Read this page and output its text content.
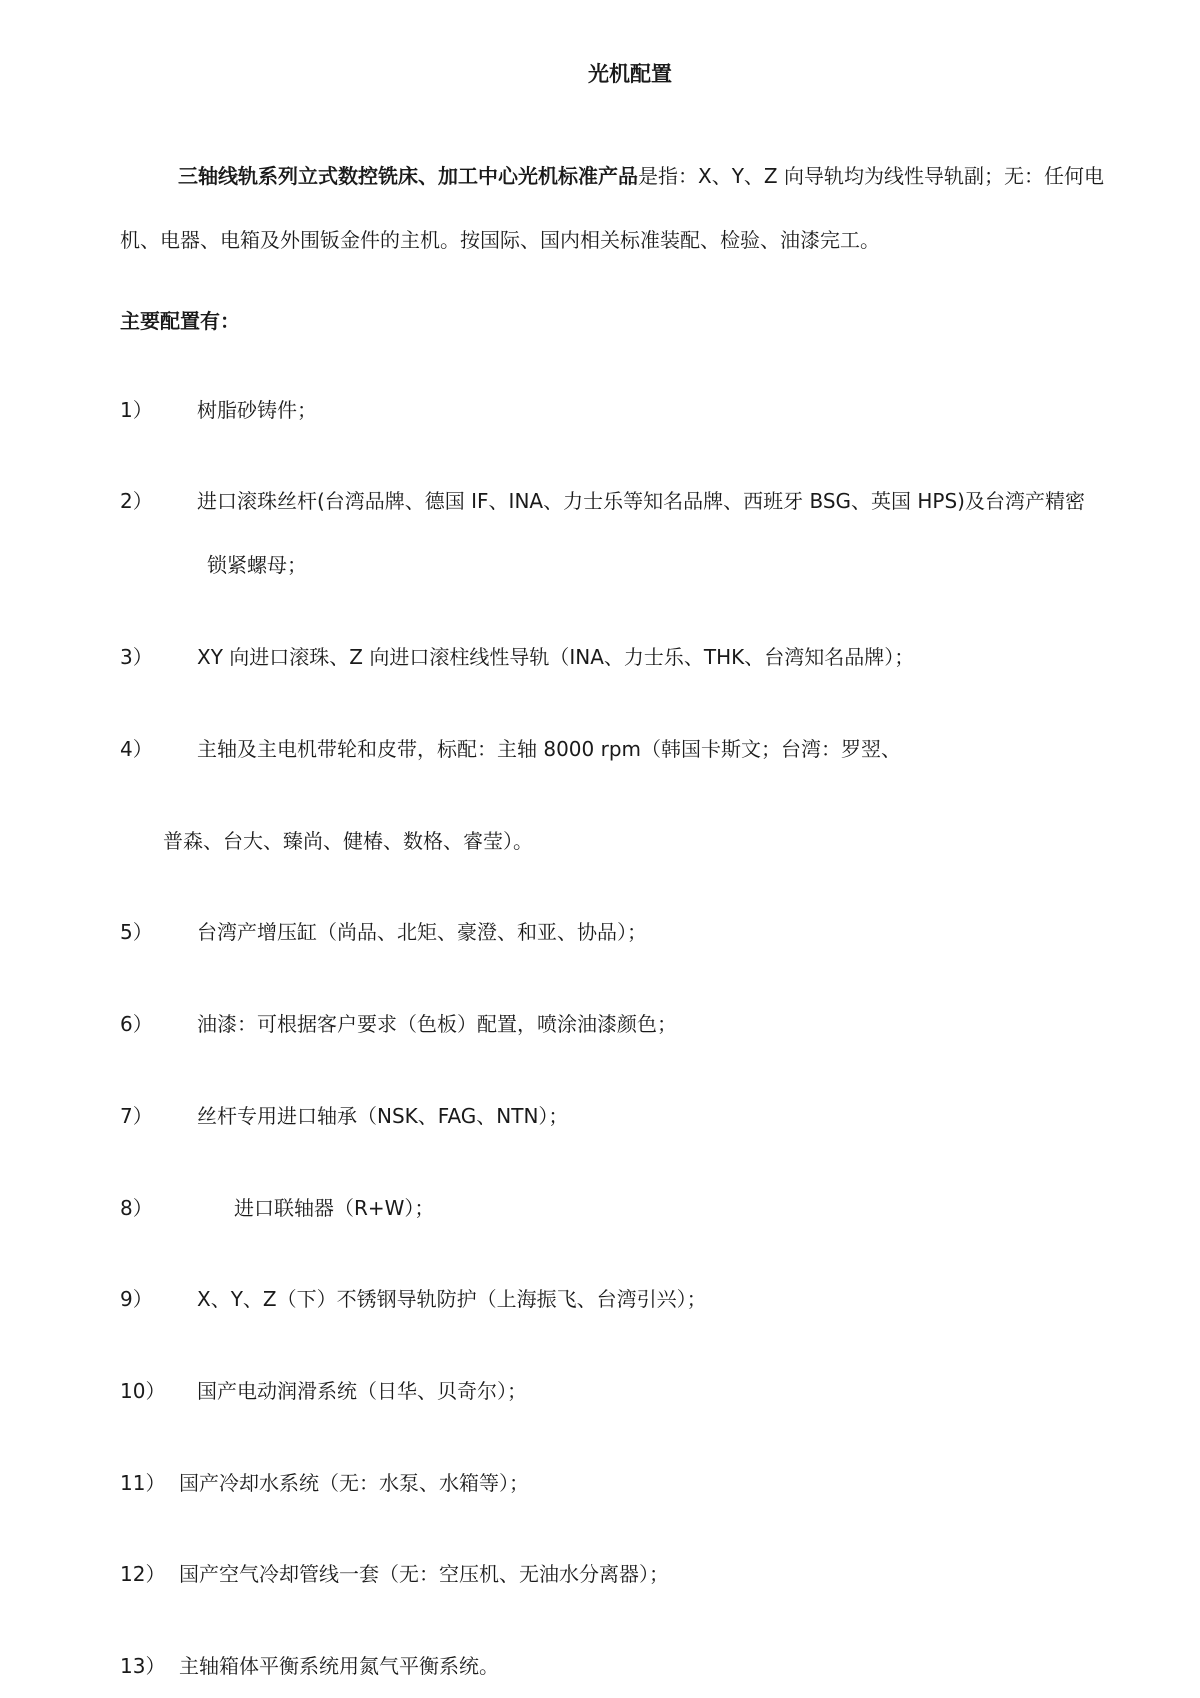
光机配置

三轴线轨系列立式数控铣床、加工中心光机标准产品是指：X、Y、Z 向导轨均为线性导轨副；无：任何电机、电器、电箱及外围钣金件的主机。按国际、国内相关标准装配、检验、油漆完工。

主要配置有：
1） 树脂砂铸件；
2） 进口滚珠丝杆(台湾品牌、德国 IF、INA、力士乐等知名品牌、西班牙 BSG、英国 HPS)及台湾产精密
锁紧螺母；
3） XY 向进口滚珠、Z 向进口滚柱线性导轨（INA、力士乐、THK、台湾知名品牌）；
4） 主轴及主电机带轮和皮带，标配：主轴 8000 rpm（韩国卡斯文；台湾：罗翌、
普森、台大、臻尚、健椿、数格、睿莹）。
5） 台湾产增压缸（尚品、北矩、豪澄、和亚、协品）；
6） 油漆：可根据客户要求（色板）配置，喷涂油漆颜色；
7） 丝杆专用进口轴承（NSK、FAG、NTN）；
8）	进口联轴器（R+W）；
9） X、Y、Z（下）不锈钢导轨防护（上海振飞、台湾引兴）；
10） 国产电动润滑系统（日华、贝奇尔）；
11） 国产冷却水系统（无：水泵、水箱等）；
12） 国产空气冷却管线一套（无：空压机、无油水分离器）；
13） 主轴箱体平衡系统用氮气平衡系统。
